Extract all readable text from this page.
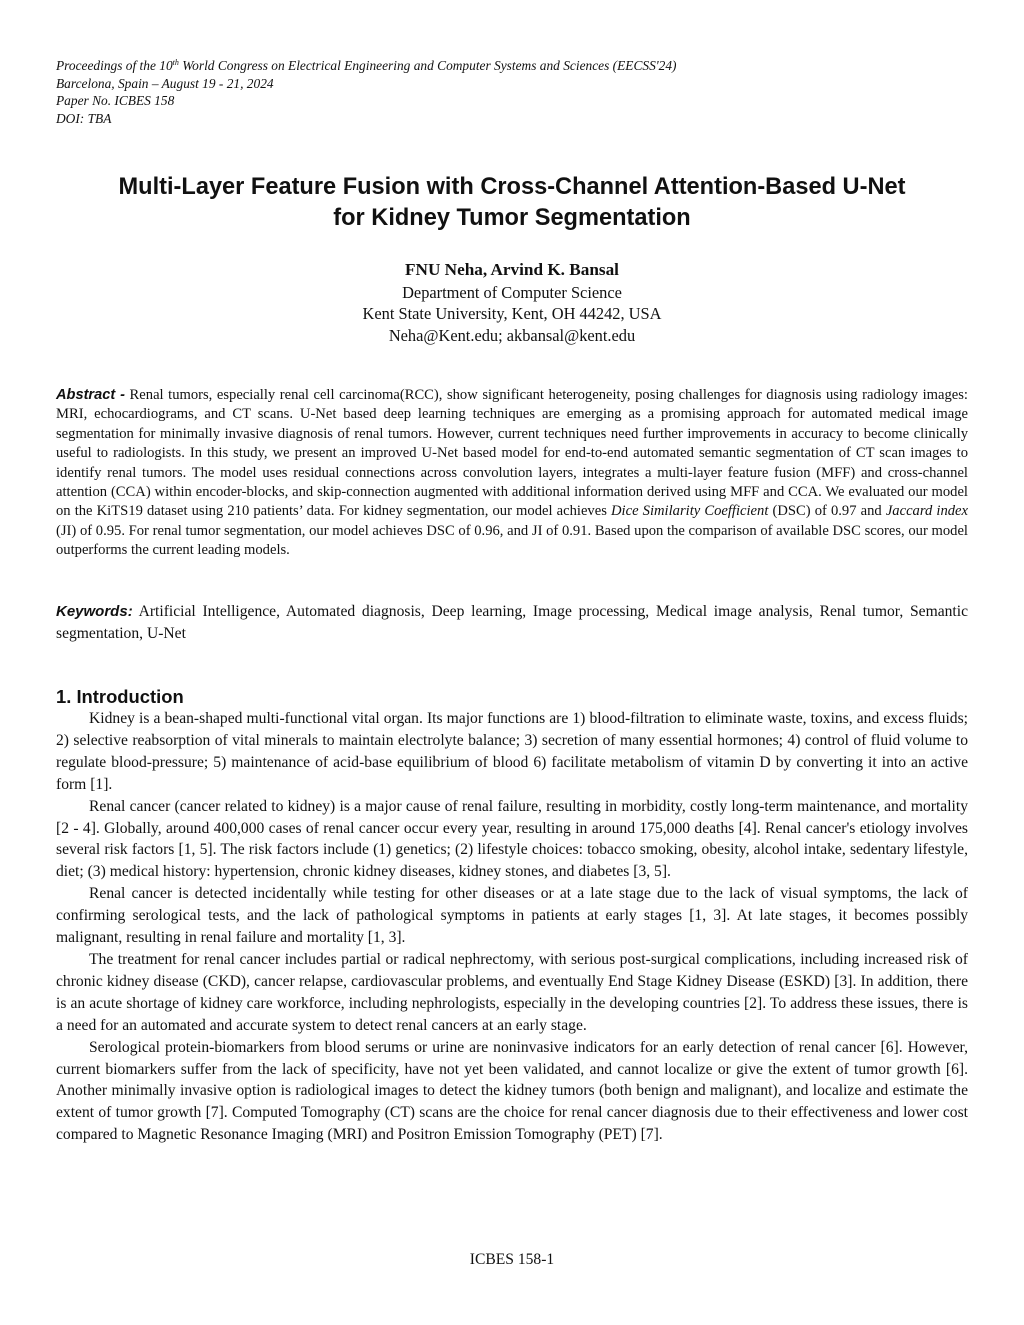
Proceedings of the 10th World Congress on Electrical Engineering and Computer Systems and Sciences (EECSS'24)
Barcelona, Spain – August 19 - 21, 2024
Paper No. ICBES 158
DOI: TBA
Multi-Layer Feature Fusion with Cross-Channel Attention-Based U-Net
for Kidney Tumor Segmentation
FNU Neha, Arvind K. Bansal
Department of Computer Science
Kent State University, Kent, OH 44242, USA
Neha@Kent.edu; akbansal@kent.edu
Abstract - Renal tumors, especially renal cell carcinoma(RCC), show significant heterogeneity, posing challenges for diagnosis using radiology images: MRI, echocardiograms, and CT scans. U-Net based deep learning techniques are emerging as a promising approach for automated medical image segmentation for minimally invasive diagnosis of renal tumors. However, current techniques need further improvements in accuracy to become clinically useful to radiologists. In this study, we present an improved U-Net based model for end-to-end automated semantic segmentation of CT scan images to identify renal tumors. The model uses residual connections across convolution layers, integrates a multi-layer feature fusion (MFF) and cross-channel attention (CCA) within encoder-blocks, and skip-connection augmented with additional information derived using MFF and CCA. We evaluated our model on the KiTS19 dataset using 210 patients’ data. For kidney segmentation, our model achieves Dice Similarity Coefficient (DSC) of 0.97 and Jaccard index (JI) of 0.95. For renal tumor segmentation, our model achieves DSC of 0.96, and JI of 0.91. Based upon the comparison of available DSC scores, our model outperforms the current leading models.
Keywords: Artificial Intelligence, Automated diagnosis, Deep learning, Image processing, Medical image analysis, Renal tumor, Semantic segmentation, U-Net
1. Introduction

Kidney is a bean-shaped multi-functional vital organ. Its major functions are 1) blood-filtration to eliminate waste, toxins, and excess fluids; 2) selective reabsorption of vital minerals to maintain electrolyte balance; 3) secretion of many essential hormones; 4) control of fluid volume to regulate blood-pressure; 5) maintenance of acid-base equilibrium of blood 6) facilitate metabolism of vitamin D by converting it into an active form [1].

Renal cancer (cancer related to kidney) is a major cause of renal failure, resulting in morbidity, costly long-term maintenance, and mortality [2 - 4]. Globally, around 400,000 cases of renal cancer occur every year, resulting in around 175,000 deaths [4]. Renal cancer's etiology involves several risk factors [1, 5]. The risk factors include (1) genetics; (2) lifestyle choices: tobacco smoking, obesity, alcohol intake, sedentary lifestyle, diet; (3) medical history: hypertension, chronic kidney diseases, kidney stones, and diabetes [3, 5].

Renal cancer is detected incidentally while testing for other diseases or at a late stage due to the lack of visual symptoms, the lack of confirming serological tests, and the lack of pathological symptoms in patients at early stages [1, 3]. At late stages, it becomes possibly malignant, resulting in renal failure and mortality [1, 3].

The treatment for renal cancer includes partial or radical nephrectomy, with serious post-surgical complications, including increased risk of chronic kidney disease (CKD), cancer relapse, cardiovascular problems, and eventually End Stage Kidney Disease (ESKD) [3]. In addition, there is an acute shortage of kidney care workforce, including nephrologists, especially in the developing countries [2]. To address these issues, there is a need for an automated and accurate system to detect renal cancers at an early stage.

Serological protein-biomarkers from blood serums or urine are noninvasive indicators for an early detection of renal cancer [6]. However, current biomarkers suffer from the lack of specificity, have not yet been validated, and cannot localize or give the extent of tumor growth [6]. Another minimally invasive option is radiological images to detect the kidney tumors (both benign and malignant), and localize and estimate the extent of tumor growth [7]. Computed Tomography (CT) scans are the choice for renal cancer diagnosis due to their effectiveness and lower cost compared to Magnetic Resonance Imaging (MRI) and Positron Emission Tomography (PET) [7].

ICBES 158-1
